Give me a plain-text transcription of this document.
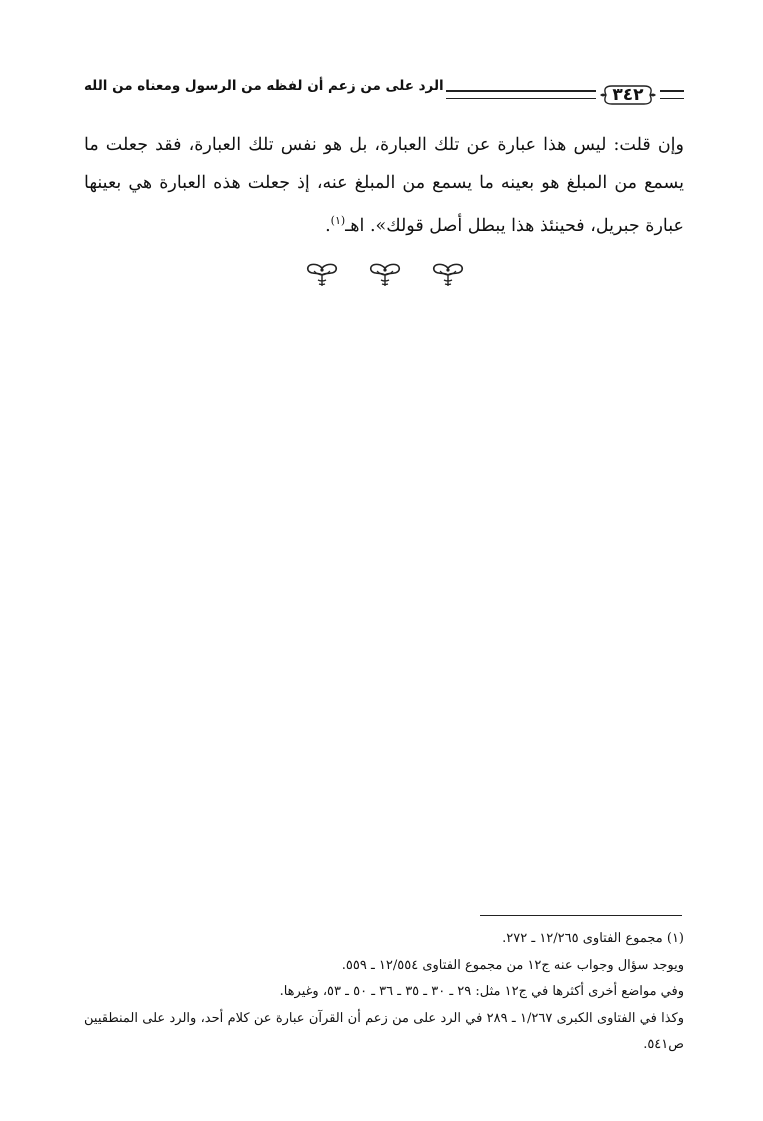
٣٤٢
الرد على من زعم أن لفظه من الرسول ومعناه من الله

وإن قلت: ليس هذا عبارة عن تلك العبارة، بل هو نفس تلك العبارة، فقد جعلت ما يسمع من المبلغ هو بعينه ما يسمع من المبلغ عنه، إذ جعلت هذه العبارة هي بعينها عبارة جبريل، فحينئذ هذا يبطل أصل قولك». اهـ$^{(١)}$.

(١) مجموع الفتاوى ١٢/٢٦٥ ـ ٢٧٢.

ويوجد سؤال وجواب عنه ج١٢ من مجموع الفتاوى ١٢/٥٥٤ ـ ٥٥٩.

وفي مواضع أخرى أكثرها في ج١٢ مثل: ٢٩ ـ ٣٠ ـ ٣٥ ـ ٣٦ ـ ٥٠ ـ ٥٣، وغيرها.

وكذا في الفتاوى الكبرى ١/٢٦٧ ـ ٢٨٩ في الرد على من زعم أن القرآن عبارة عن كلام أحد، والرد على المنطقيين ص٥٤١.
